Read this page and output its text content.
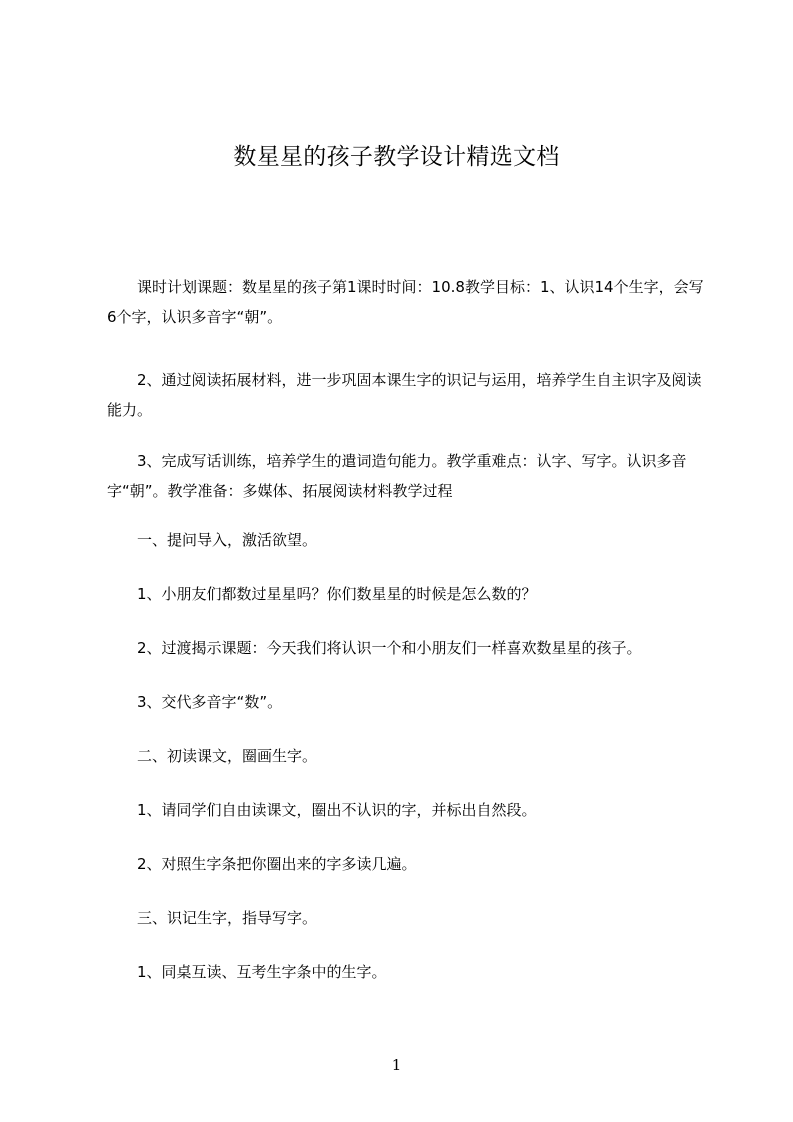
数星星的孩子教学设计精选文档

课时计划课题：数星星的孩子第1课时时间：10.8教学目标：1、认识14个生字，会写6个字，认识多音字“朝”。

2、通过阅读拓展材料，进一步巩固本课生字的识记与运用，培养学生自主识字及阅读能力。

3、完成写话训练，培养学生的遣词造句能力。教学重难点：认字、写字。认识多音字“朝”。教学准备：多媒体、拓展阅读材料教学过程

一、提问导入，激活欲望。

1、小朋友们都数过星星吗？你们数星星的时候是怎么数的？

2、过渡揭示课题：今天我们将认识一个和小朋友们一样喜欢数星星的孩子。

3、交代多音字“数”。

二、初读课文，圈画生字。

1、请同学们自由读课文，圈出不认识的字，并标出自然段。

2、对照生字条把你圈出来的字多读几遍。

三、识记生字，指导写字。

1、同桌互读、互考生字条中的生字。

1
